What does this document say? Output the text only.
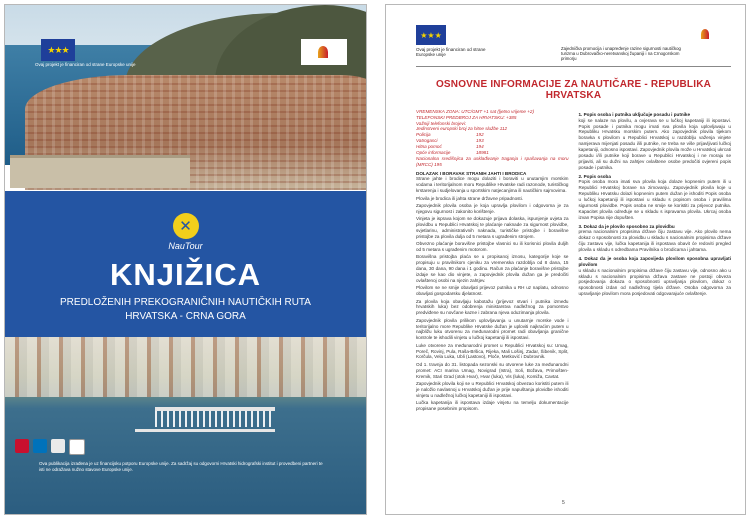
★★★
Ovaj projekt je financiran od strane Europske unije
✕
NauTour
KNJIŽICA
PREDLOŽENIH PREKOGRANIČNIH NAUTIČKIH RUTA
HRVATSKA - CRNA GORA
Ova publikacija izrađena je uz financijsku potporu Europske unije. Za sadržaj su odgovorni Hrvatski hidrografski institut i provedbeni partneri te isti ne odražava nužno stavove Europske unije.
★★★
Ovaj projekt je financiran od strane Europske unije
Zajednička promocija i unapređenje razine sigurnosti nautičkog turizma u Dubrovačko-neretvanskoj županiji i na Crnogorskom primorju
OSNOVNE INFORMACIJE ZA NAUTIČARE - REPUBLIKA HRVATSKA
VREMENSKA ZONA: UTC/GMT +1 sat (ljetno vrijeme +2)
TELEFONSKI PREDBROJ ZA HRVATSKU: +385
Važniji telefonski brojevi:
Jedinstveni europski broj za hitne službe 112
Policija	192
Vatrogasci	193
Hitna pomoć	194
Opće informacije	18981
Nacionalna središnjica za usklađivanje traganja i spašavanja na moru (MRCC) 195
DOLAZAK I BORAVAK STRANIH JAHTI I BRODICA

Strane jahte i brodice mogu dolaziti i boraviti u unutarnjim morskim vodama i teritorijalnom moru Republike Hrvatske radi razonode, turističkog krstarenja i sudjelovanja u sportskim natjecanjima ili nautičkim sajmovima.

Plovila je brodica ili jahta strane državne pripadnosti.

Zapovjednik plovila osoba je koja upravlja plovilom i odgovorna je za njegovu sigurnost i zakonito korištenje.

Vinjeta je isprava kojom se dokazuje prijava dolaska, ispunjenje uvjeta za plovidbu u Republici Hrvatskoj te plaćanje naknade za sigurnost plovidbe, svjetlarinu, administrativnih naknada, turističke pristojbe i boravišne pristojbe za plovila dulja od 5 metara s ugrađenim strojem.

Obvezno plaćanje boravišne pristojbe vlasnici su ili korisnici plovila duljih od 5 metara s ugrađenim motorom.

Boravišna pristojba plaća se u propisanoj iznosu, kategorije koje se propisuju u pravilnikom cjeniku za vremenska razdoblja od 8 dana, 15 dana, 30 dana, 90 dana i 1 godinu. Račun za plaćanje boravišne pristojbe izdaje se kao dio vinjete, a zapovjednik plovila dužan ga je predočiti ovlaštenoj osobi na njezin zahtjev.

Plovilom se ne smije obavljati prijevoz putnika u RH uz naplatu, odnosno obavljati gospodarsku djelatnost.

Za plovila koja obavljaju kabotažu (prijevoz stvari i putnika između hrvatskih luka) bez odobrenja ministarstva nadležnog za pomorstvo predviđene su novčane kazne i zabrana njeva oduzimanja plovila.

Zapovjednik plovila prilikom uplovljavanja u unutarnje morske vode i teritorijalno more Republike Hrvatske dužan je uploviti najkraćim putem u najbližu luku otvorenu za međunarodni promet radi obavljanja granične kontrole te ishodili vinjetu u lučkoj kapetaniji ili ispostavi.

Luke otvorene za međunarodni promet u Republici Hrvatskoj su: Umag, Poreč, Rovinj, Pula, Raša-Bršica, Rijeka, Mali Lošinj, Zadar, Šibenik, Split, Korčula, Vela Luka, Ubli (Lastovo), Ploče, Metković i Dubrovnik.

Od 1. travnja do 31. listopada sezonski su otvorene luke za međunarodni promet: ACI marina Umag, Novigrad (Istra), Soli, Božava, Primošten-Kremik, Stari Grad (otok Hvar), Hvar (luka), Vis (luka), Komiža, Cavtat.

Zapovjednik plovila koji se u Republici Hrvatskoj obvezao koristiti putem ili je naložio navlasnoj u Hrvatskoj dužan je prije napuštanja plovidbe ishoditi vinjetu u nadležnoj lučkoj kapetaniji ili ispostavi.

Lučka kapetanija ili ispostava izdaje vinjetu na temelju dokumentacije propisane posebnim propisom.

1. Popis osoba i putnika uključuje posadu i putnike

koji se nalaze na plovilu, a ovjerava se u lučkoj kapetaniji ili ispostavi. Popis posade i putnika mogu imati sva plovila koja uplovljavaju u Republiku Hrvatsku morskim putem. Ako zapovjednik plovila tijekom boravka s plovilom u Republici Hrvatskoj u razdoblju važenja vinjete namjerava mijenjati posadu i/ili putnike, ne treba se više prijavljivati lučkoj kapetaniji, odnosno ispostavi. Zapovjednik plovila može u Hrvatskoj ukrcati posadu i/ili putnike koji borave u Republici Hrvatskoj i ne moraju se prijaviti, ali su dužni na zahtjev ovlaštene osobe predočiti ovjereni popis posade i putnika.

2. Popis osoba

Popis osoba mora imati sva plovila koja dolaze kopnenim putem ili u Republici Hrvatskoj borave na zimovanju. Zapovjednik plovila koje u Republiku Hrvatsku dolazi kopnenim putem dužan je ishoditi Popis osoba u lučkoj kapetaniji ili ispostavi u skladu s popisom osoba i pravilima sigurnosti plovidbe. Popis osoba ne smije se koristiti za prijevoz putnika. Kapacitet plovila određuje se u skladu s ispravama plovila. Ukrcaj osoba izvan Popisa nije dopušten.

3. Dokaz da je plovilo sposobno za plovidbu

prema nacionalnim propisima države čiju zastavu vije. Ako plovilo nema dokaz o sposobnosti za plovidbu u skladu s nacionalnim propisima države čiju zastavu vije, lučka kapetanija ili ispostava obavit će redoviti pregled plovila u skladu s odredbama Pravilnika o brodicama i jahtama.

4. Dokaz da je osoba koja zapovijeda plovilom sposobna upravljati plovilom

u skladu s nacionalnim propisima države čiju zastavu vije, odnosno ako u skladu s nacionalnim propisima država zastave ne postoji obveza posjedovanja dokaza o sposobnosti upravljanja plovilom, dokaz o sposobnosti izdan od nadležnog tijela države. Osoba odgovorna za upravljanje plovilom mora posjedovati odgovarajuće ovlaštenje.

5
